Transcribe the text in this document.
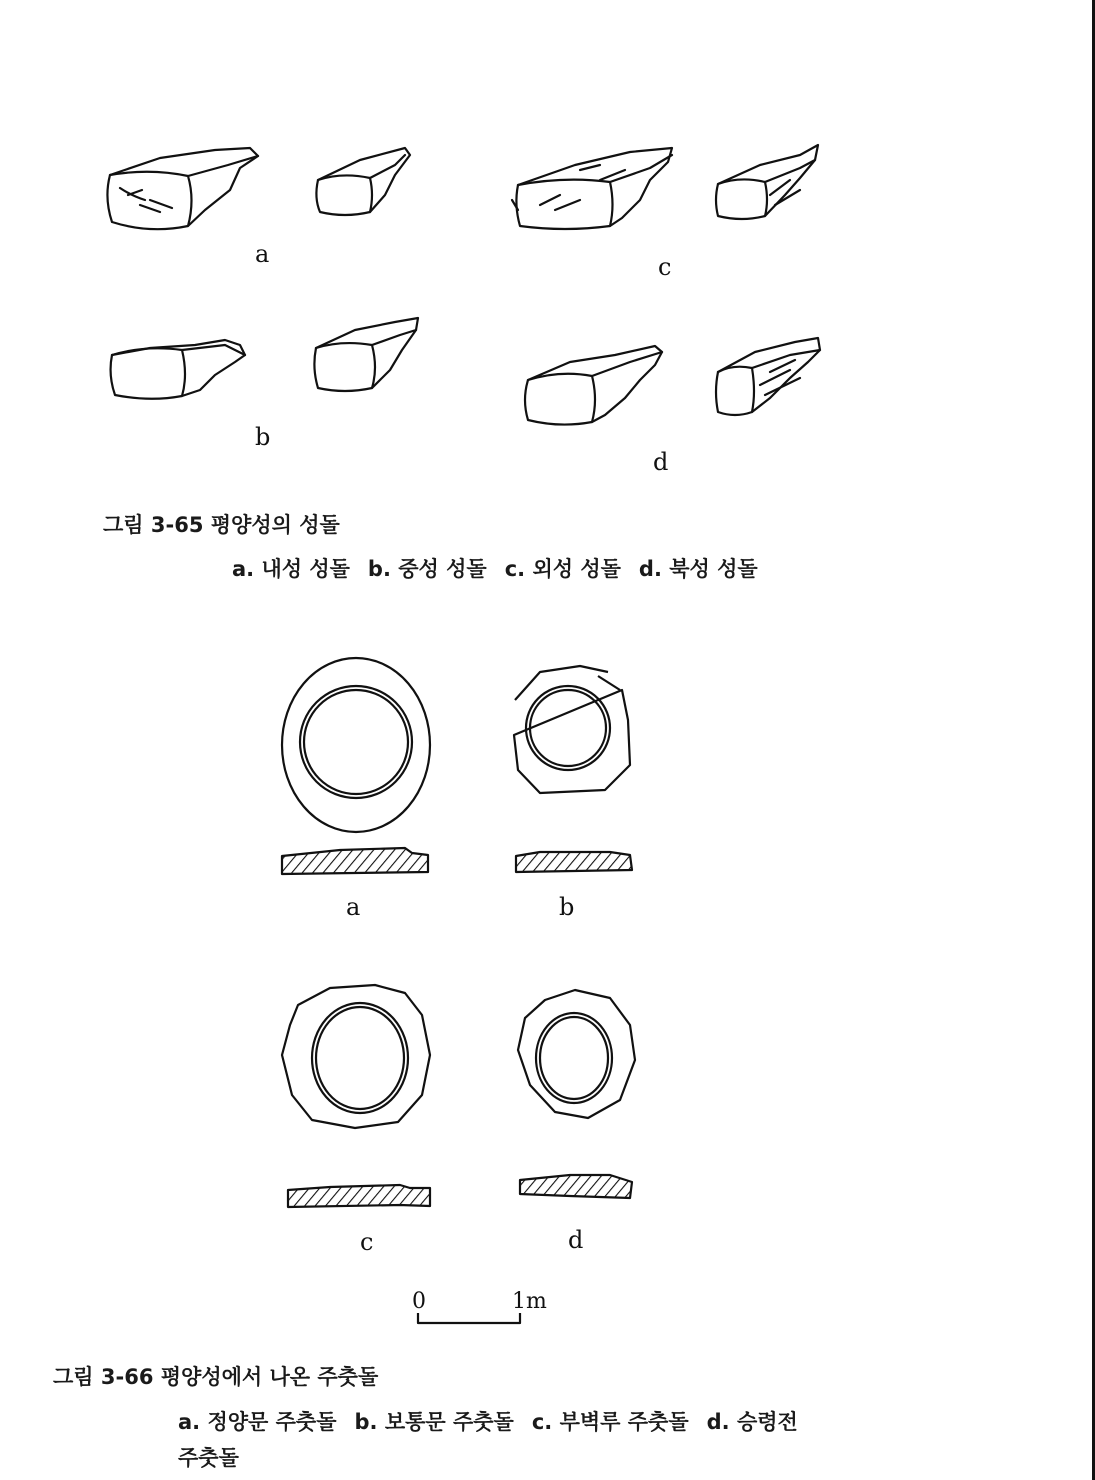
a	c
b
d
그림 3-65 평양성의 성돌
a. 내성 성돌 b. 중성 성돌 c. 외성 성돌 d. 북성 성돌
a	b
c	d
0	1m
그림 3-66 평양성에서 나온 주춧돌
a. 정양문 주춧돌 b. 보통문 주춧돌 c. 부벽루 주춧돌 d. 승령전
주춧돌
